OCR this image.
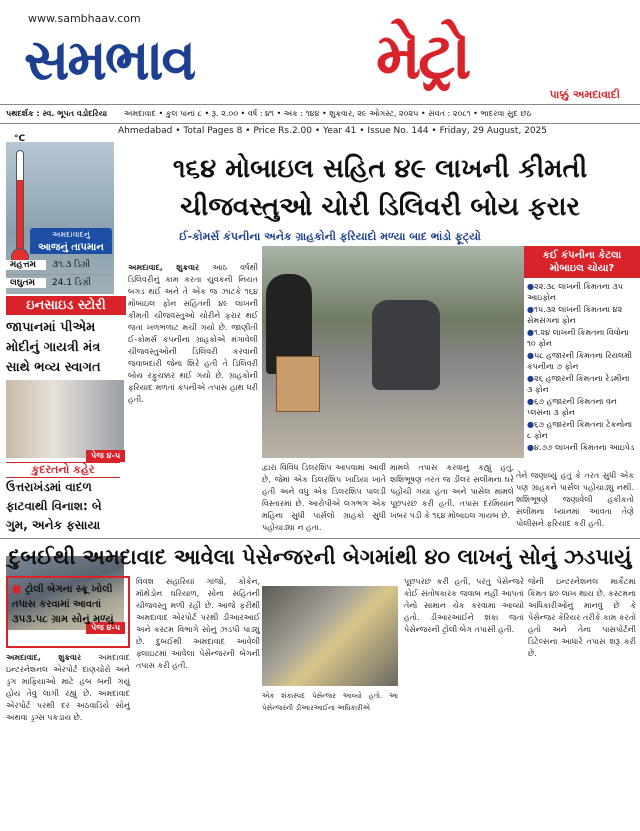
www.sambhaav.com
સમભાવ	મેટ્રો
પાક્કું અમદાવાદી
પથદર્શક : સ્વ. ભૂપત વડોદરિયા	અમદાવાદ • કુલ પાનાં ૮ • રૂ. ૨.૦૦ • વર્ષ : ૪૧ • અંક : ૧૪૪ • શુક્રવાર, ૨૯ ઓગસ્ટ, ૨૦૨૫ • સંવત : ૨૦૮૧ • ભાદરવા સુદ છઠ
Ahmedabad • Total Pages 8 • Price Rs.2.00 • Year 41 • Issue No. 144 • Friday, 29 August, 2025
°C
અમદાવાદનું
આજનું તાપમાન
મહત્તમ	૩૧.૩ ડિગ્રી
લઘુતમ	24.1 ડિગ્રી
ઇનસાઇડ સ્ટોરી
જાપાનમાં પીએમ મોદીનું ગાયત્રી મંત્ર સાથે ભવ્ય સ્વાગત
પેજ ૪-૫
કુદરતનો કહેર
ઉત્તરાખંડમાં વાદળ ફાટવાથી વિનાશ: બે ગુમ, અનેક ફસાયા
પેજ ૪-૫
૧૬૪ મોબાઇલ સહિત ૪૯ લાખની કીમતી ચીજવસ્તુઓ ચોરી ડિલિવરી બોય ફરાર
ઈ-કોમર્સ કંપનીના અનેક ગ્રાહકોની ફરિયાદો મળ્યા બાદ ભાંડો ફૂટ્યો
કઈ કંપનીના કેટલા મોબાઇલ ચોયા?
● ૨૨.૩૮ લાખની કિંમતના ૩૫ આઇફોન
● ૧૫.૩૨ લાખની કિંમતના ૪૨ સેમસંગના ફોન
● ૧.૨૪ લાખની કિંમતના વિવોના ૧૦ ફોન
● ૫૮ હજારની કિંમતના રિયલમી કંપનીના ૭ ફોન
● ૨૬ હજારની કિંમતના રેડમીના ૩ ફોન
● ૬૭ હજારની કિંમતના વન પ્લસના ૩ ફોન
● ૬૭ હજારની કિંમતના ટેકનોના ૮ ફોન
● ૪.૭૭ લાખની કિંમતના આઇપેડ
અમદાવાદ, શુક્રવાર આઠ વર્ષથી ડિલિવરીનું કામ કરતા યુવકની નિયત બગડ થઈ અને તે એક જ ઝાટકે ૧૬૪ મોબાઇલ ફોન સહિતની ૪૯ લાખની કીમતી ચીજવસ્તુઓ ચોરીને ફરાર થઈ જતાં ખળભળાટ મચી ગયો છે. જાણીતી ઈ-કોમર્સ કંપનીના ગ્રાહકોએ મંગાવેલી ચીજવસ્તુઓની ડિલિવરી કરવાની જવાબદારી જેના શિરે હતી તે ડિલિવરી બોય રફુચક્કર થઈ ગયો છે. ગ્રાહકોની ફરિયાદ મળતાં કંપનીએ તપાસ હાથ ધરી હતી.
દ્વારા વિવિધ ડિલરશિપ આપવામાં આવી છે, જેમાં એક ડિલરશિપ ખાડિયા ખાતે હતી અને વધુ એક ડિલરશિપ પાલડી વિસ્તારમાં છે. આરોપીએ લગભગ એક મહિના સુધી પાર્સલો ગ્રાહકો સુધી પહોંચાડ્યા ન હતા.
મામલે તપાસ કરવાનું કહ્યું હતું. શશિભૂષણ તરત જ ડીલર સલીમના ઘરે પહોંચી ગયા હતા અને પાસેલ મામલે પૂછપરછ કરી હતી. તપાસ દરમિયાન ખબર પડી કે ૧૬૪ મોબાઇલ ગાયબ છે.
તેને જણાવ્યું હતું કે તરત સુધી એક પણ ગ્રાહકને પાર્સલ પહોંચાડ્યું નથી. શશિભૂષણે જણાવેલી હકીકતો સલીમના ધ્યાનમાં આવતા તેણે પોલીસને ફરિયાદ કરી હતી.
દુબઈથી અમદાવાદ આવેલા પેસેન્જરની બેગમાંથી ૪૦ લાખનું સોનું ઝડપાયું
■ ટ્રોલી બેગના સ્ક્રૂ ખોલી તપાસ કરવામાં આવતાં ૩૫૩.૫૮ ગ્રામ સોનું મળ્યું
અમદાવાદ, શુક્રવાર અમદાવાદ ઇન્ટરનેશનલ એરપોર્ટ દાણચોરો અને ડ્રગ માફિયાઓ માટે હબ બની ગયું હોય તેવું લાગી રહ્યું છે. અમદાવાદ એરપોર્ટ પરથી દર અઠવાડિયે સોનું અથવા ડ્રગ્સ પકડાય છે.
વિવશ સહારિયાં ગાંજો, કોકેન, મૉથેડોન ઘરિયાળ, સોના સહિતની ચીજવસ્તુ મળી રહી છે. આજે ફરીથી અમદાવાદ એરપોર્ટ પરથી ડીઆરઆઈ અને કસ્ટમ વિભાગે સોનું ઝડપી પાડ્યું છે. દુબઈથી અમદાવાદ આવેલી ફ્લાઇટમાં આવેલા પેસેન્જરની બેગની તપાસ કરી હતી.
એક શંકાસ્પદ પેસેન્જર આવ્યો હતો. આ પેસેન્જરની ડીઆરઆઈના અધિકારીએ
પૂછપરછ કરી હતી, પરંતુ પેસેન્જરે કોઈ સંતોષકારક જવાબ નહીં આપતાં તેનો સામાન ચેક કરવામાં આવ્યો હતો. ડીઆરઆઈને શંકા જતાં પેસેન્જરની ટ્રોલી બેગ તપાસી હતી.
જેની ઇન્ટરનેશનલ માર્કેટમાં કિંમત ૪૦ લાખ થાય છે. કસ્ટમના અધિકારીઓનું માનવું છે કે પેસેન્જર કેરિયર તરીકે કામ કરતો હતો અને તેના પાસપોર્ટની ડિટેલ્સના આધારે તપાસ શરૂ કરી છે.
